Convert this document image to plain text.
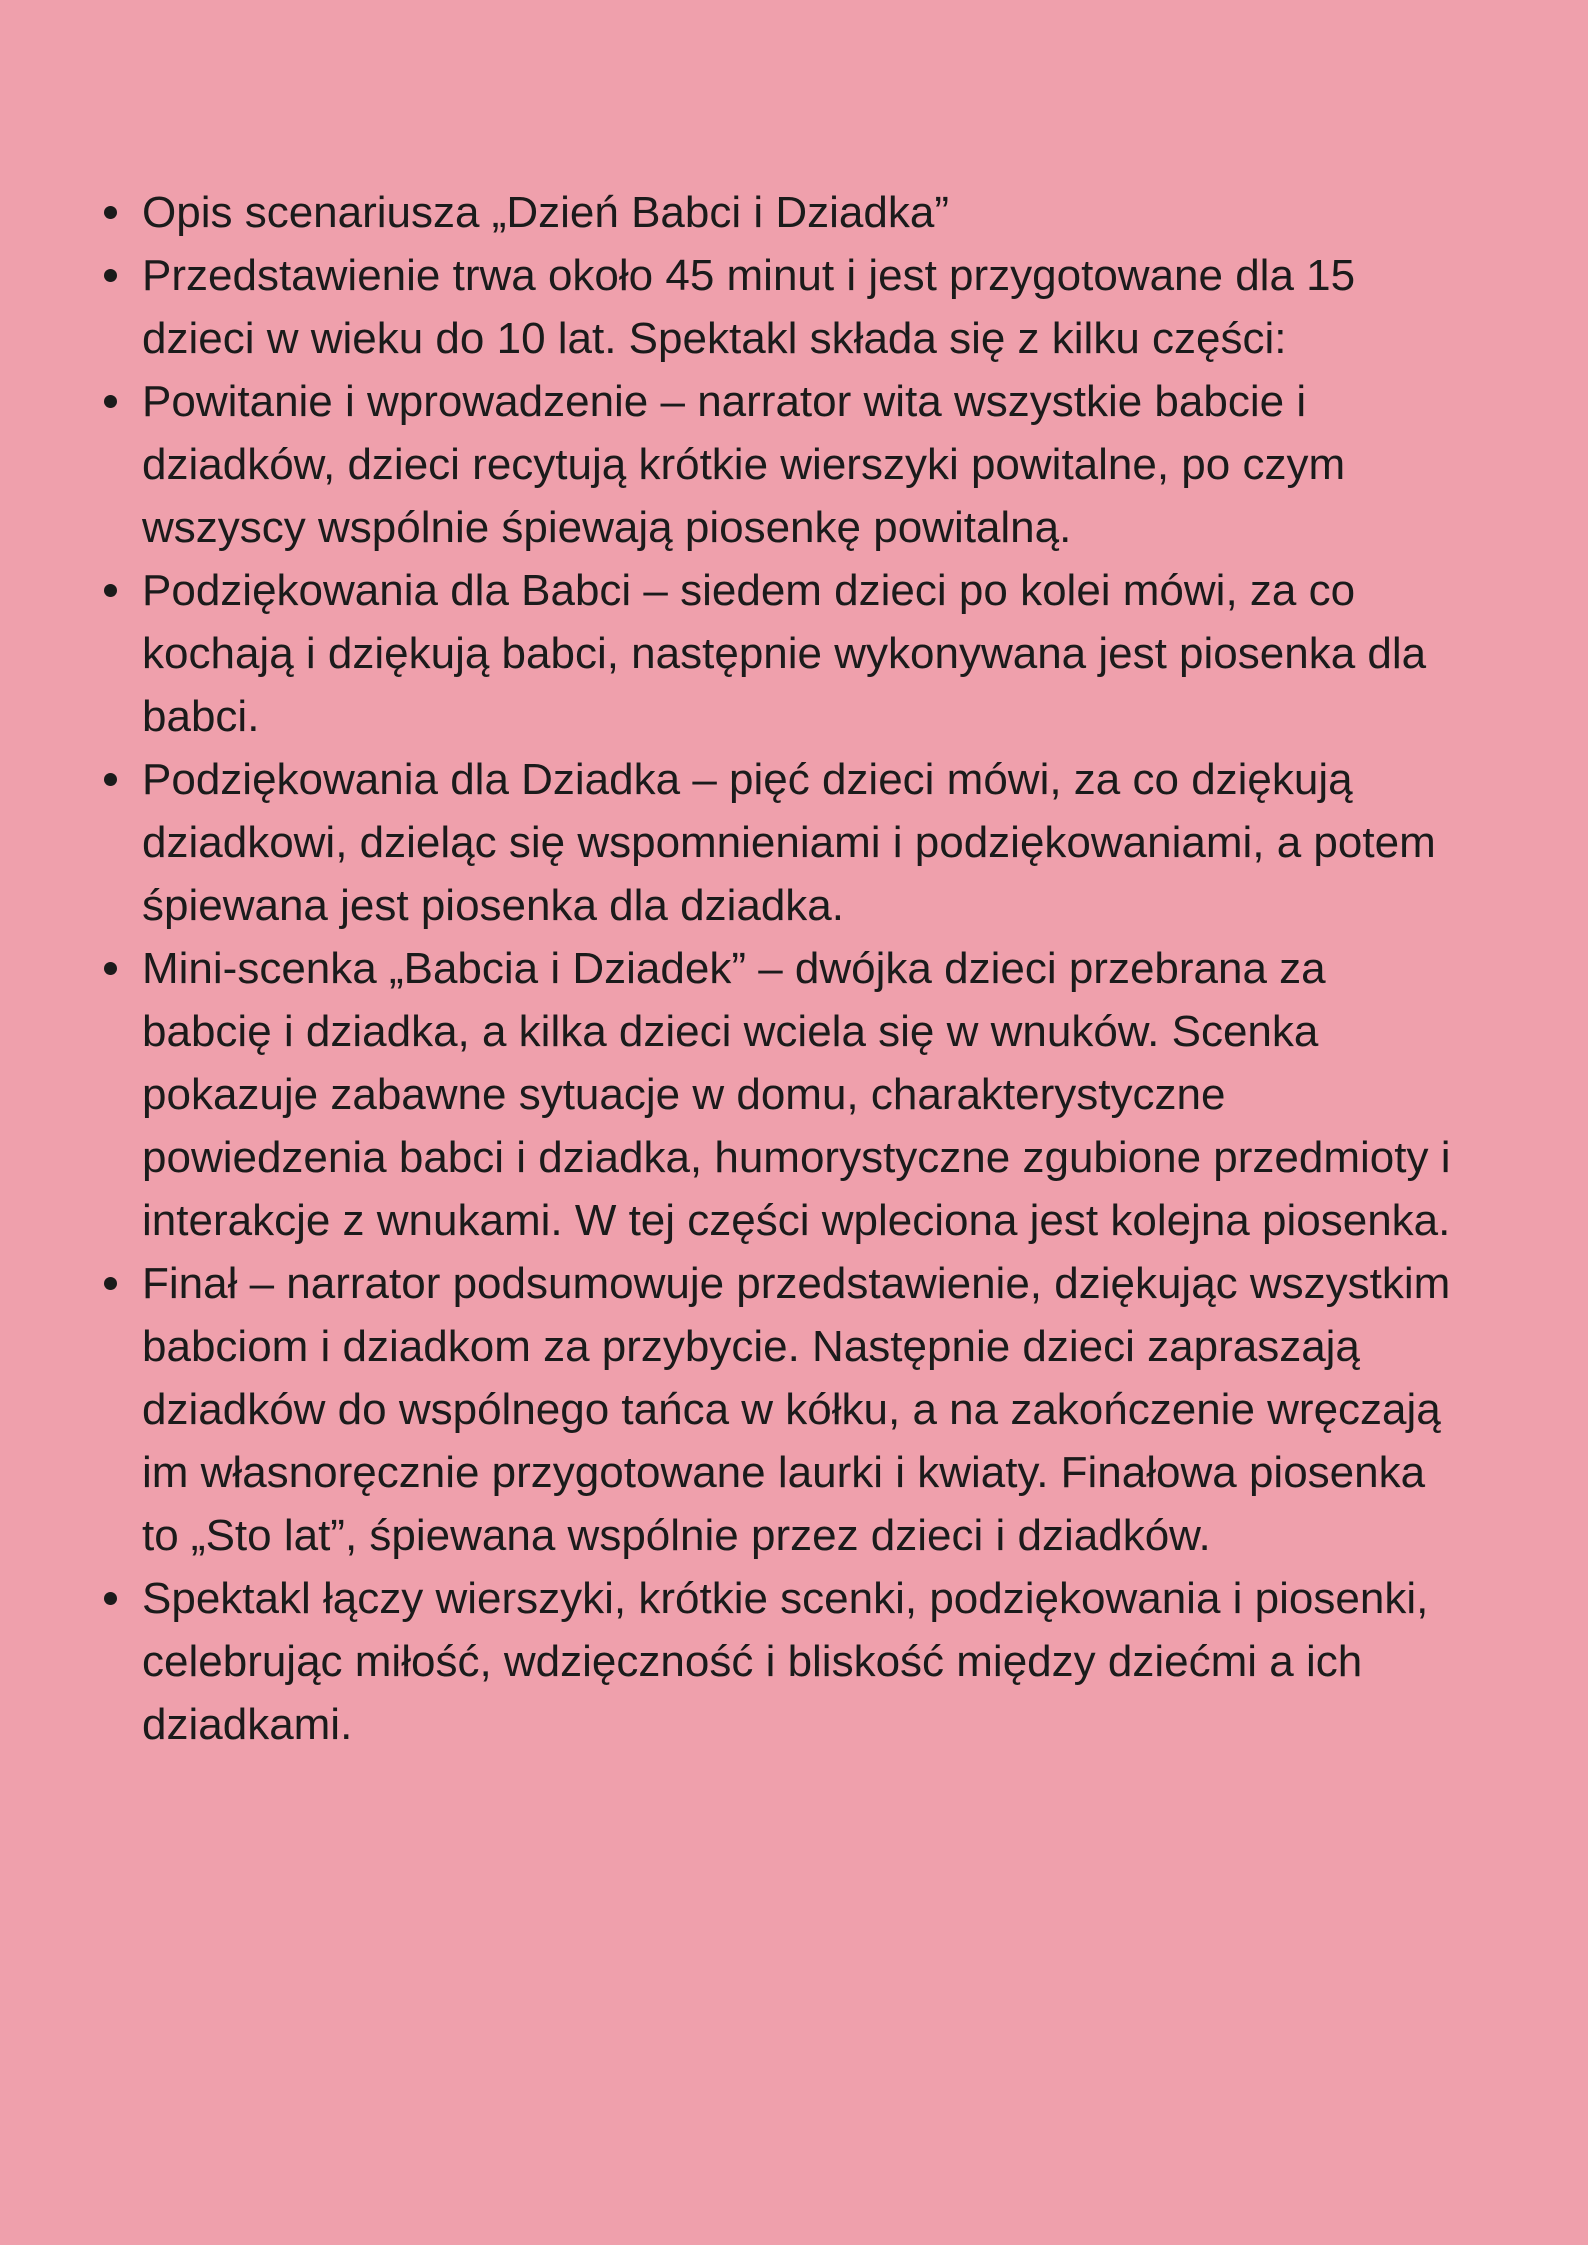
Opis scenariusza „Dzień Babci i Dziadka”
Przedstawienie trwa około 45 minut i jest przygotowane dla 15 dzieci w wieku do 10 lat. Spektakl składa się z kilku części:
Powitanie i wprowadzenie – narrator wita wszystkie babcie i dziadków, dzieci recytują krótkie wierszyki powitalne, po czym wszyscy wspólnie śpiewają piosenkę powitalną.
Podziękowania dla Babci – siedem dzieci po kolei mówi, za co kochają i dziękują babci, następnie wykonywana jest piosenka dla babci.
Podziękowania dla Dziadka – pięć dzieci mówi, za co dziękują dziadkowi, dzieląc się wspomnieniami i podziękowaniami, a potem śpiewana jest piosenka dla dziadka.
Mini-scenka „Babcia i Dziadek” – dwójka dzieci przebrana za babcię i dziadka, a kilka dzieci wciela się w wnuków. Scenka pokazuje zabawne sytuacje w domu, charakterystyczne powiedzenia babci i dziadka, humorystyczne zgubione przedmioty i interakcje z wnukami. W tej części wpleciona jest kolejna piosenka.
Finał – narrator podsumowuje przedstawienie, dziękując wszystkim babciom i dziadkom za przybycie. Następnie dzieci zapraszają dziadków do wspólnego tańca w kółku, a na zakończenie wręczają im własnoręcznie przygotowane laurki i kwiaty. Finałowa piosenka to „Sto lat”, śpiewana wspólnie przez dzieci i dziadków.
Spektakl łączy wierszyki, krótkie scenki, podziękowania i piosenki, celebrując miłość, wdzięczność i bliskość między dziećmi a ich dziadkami.
